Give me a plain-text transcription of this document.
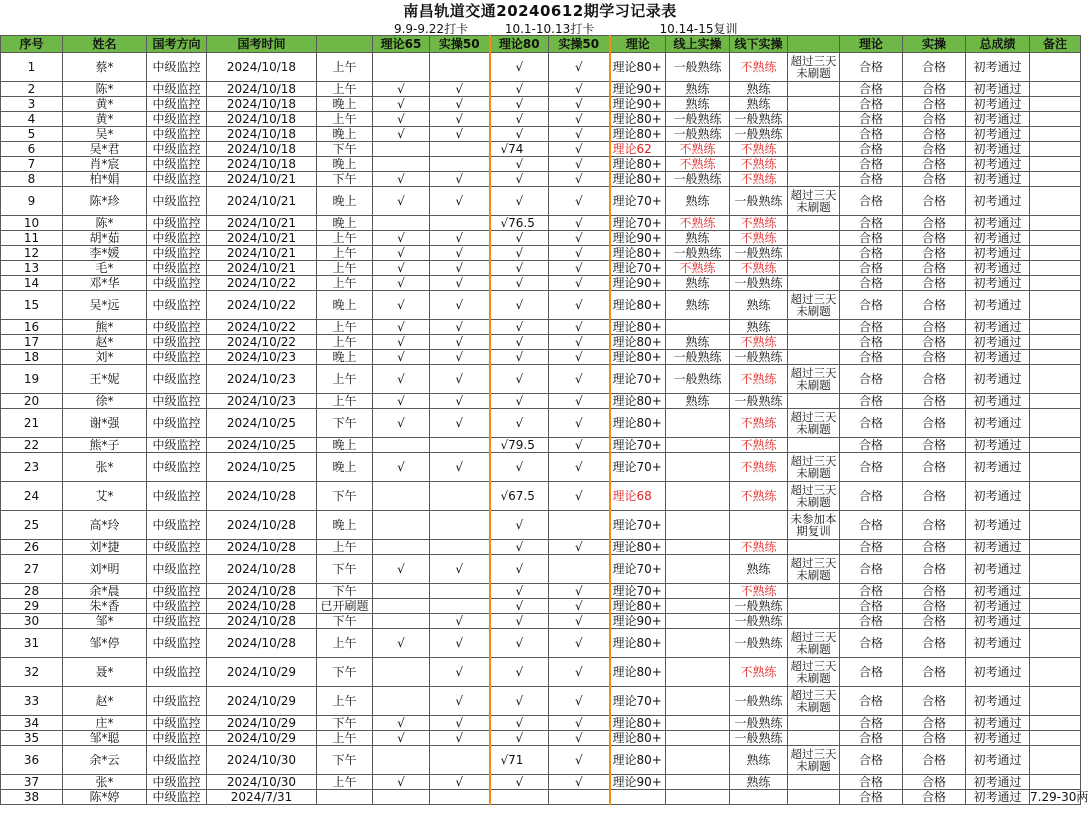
南昌轨道交通20240612期学习记录表
					9.9-9.22打卡		10.1-10.13打卡		10.14-15复训							
序号	姓名	国考方向	国考时间		理论65	实操50	理论80	实操50	理论	线上实操	线下实操		理论	实操	总成绩	备注
1	蔡*	中级监控	2024/10/18	上午			√	√	理论80+	一般熟练	不熟练	超过三天未刷题	合格	合格	初考通过	
2	陈*	中级监控	2024/10/18	上午	√	√	√	√	理论90+	熟练	熟练		合格	合格	初考通过	
3	黄*	中级监控	2024/10/18	晚上	√	√	√	√	理论90+	熟练	熟练		合格	合格	初考通过	
4	黄*	中级监控	2024/10/18	上午	√	√	√	√	理论80+	一般熟练	一般熟练		合格	合格	初考通过	
5	吴*	中级监控	2024/10/18	晚上	√	√	√	√	理论80+	一般熟练	一般熟练		合格	合格	初考通过	
6	吴*君	中级监控	2024/10/18	下午			√74	√	理论62	不熟练	不熟练		合格	合格	初考通过	
7	肖*宸	中级监控	2024/10/18	晚上			√	√	理论80+	不熟练	不熟练		合格	合格	初考通过	
8	柏*娟	中级监控	2024/10/21	下午	√	√	√	√	理论80+	一般熟练	不熟练		合格	合格	初考通过	
9	陈*珍	中级监控	2024/10/21	晚上	√	√	√	√	理论70+	熟练	一般熟练	超过三天未刷题	合格	合格	初考通过	
10	陈*	中级监控	2024/10/21	晚上			√76.5	√	理论70+	不熟练	不熟练		合格	合格	初考通过	
11	胡*茹	中级监控	2024/10/21	上午	√	√	√	√	理论90+	熟练	不熟练		合格	合格	初考通过	
12	李*媛	中级监控	2024/10/21	上午	√	√	√	√	理论80+	一般熟练	一般熟练		合格	合格	初考通过	
13	毛*	中级监控	2024/10/21	上午	√	√	√	√	理论70+	不熟练	不熟练		合格	合格	初考通过	
14	邓*华	中级监控	2024/10/22	上午	√	√	√	√	理论90+	熟练	一般熟练		合格	合格	初考通过	
15	吴*远	中级监控	2024/10/22	晚上	√	√	√	√	理论80+	熟练	熟练	超过三天未刷题	合格	合格	初考通过	
16	熊*	中级监控	2024/10/22	上午	√	√	√	√	理论80+		熟练		合格	合格	初考通过	
17	赵*	中级监控	2024/10/22	上午	√	√	√	√	理论80+	熟练	不熟练		合格	合格	初考通过	
18	刘*	中级监控	2024/10/23	晚上	√	√	√	√	理论80+	一般熟练	一般熟练		合格	合格	初考通过	
19	王*妮	中级监控	2024/10/23	上午	√	√	√	√	理论70+	一般熟练	不熟练	超过三天未刷题	合格	合格	初考通过	
20	徐*	中级监控	2024/10/23	上午	√	√	√	√	理论80+	熟练	一般熟练		合格	合格	初考通过	
21	谢*强	中级监控	2024/10/25	下午	√	√	√	√	理论80+		不熟练	超过三天未刷题	合格	合格	初考通过	
22	熊*子	中级监控	2024/10/25	晚上			√79.5	√	理论70+		不熟练		合格	合格	初考通过	
23	张*	中级监控	2024/10/25	晚上	√	√	√	√	理论70+		不熟练	超过三天未刷题	合格	合格	初考通过	
24	艾*	中级监控	2024/10/28	下午			√67.5	√	理论68		不熟练	超过三天未刷题	合格	合格	初考通过	
25	高*玲	中级监控	2024/10/28	晚上			√		理论70+			未参加本期复训	合格	合格	初考通过	
26	刘*捷	中级监控	2024/10/28	上午			√	√	理论80+		不熟练		合格	合格	初考通过	
27	刘*明	中级监控	2024/10/28	下午	√	√	√		理论70+		熟练	超过三天未刷题	合格	合格	初考通过	
28	余*晨	中级监控	2024/10/28	下午			√	√	理论70+		不熟练		合格	合格	初考通过	
29	朱*香	中级监控	2024/10/28	已开刷题			√	√	理论80+		一般熟练		合格	合格	初考通过	
30	邹*	中级监控	2024/10/28	下午		√	√	√	理论90+		一般熟练		合格	合格	初考通过	
31	邹*停	中级监控	2024/10/28	上午	√	√	√	√	理论80+		一般熟练	超过三天未刷题	合格	合格	初考通过	
32	聂*	中级监控	2024/10/29	下午		√	√	√	理论80+		不熟练	超过三天未刷题	合格	合格	初考通过	
33	赵*	中级监控	2024/10/29	上午		√	√	√	理论70+		一般熟练	超过三天未刷题	合格	合格	初考通过	
34	庄*	中级监控	2024/10/29	下午	√	√	√	√	理论80+		一般熟练		合格	合格	初考通过	
35	邹*聪	中级监控	2024/10/29	上午	√	√	√	√	理论80+		一般熟练		合格	合格	初考通过	
36	余*云	中级监控	2024/10/30	下午			√71	√	理论80+		熟练	超过三天未刷题	合格	合格	初考通过	
37	张*	中级监控	2024/10/30	上午	√	√	√	√	理论90+		熟练		合格	合格	初考通过	
38	陈*婷	中级监控	2024/7/31										合格	合格	初考通过	7.29-30两
